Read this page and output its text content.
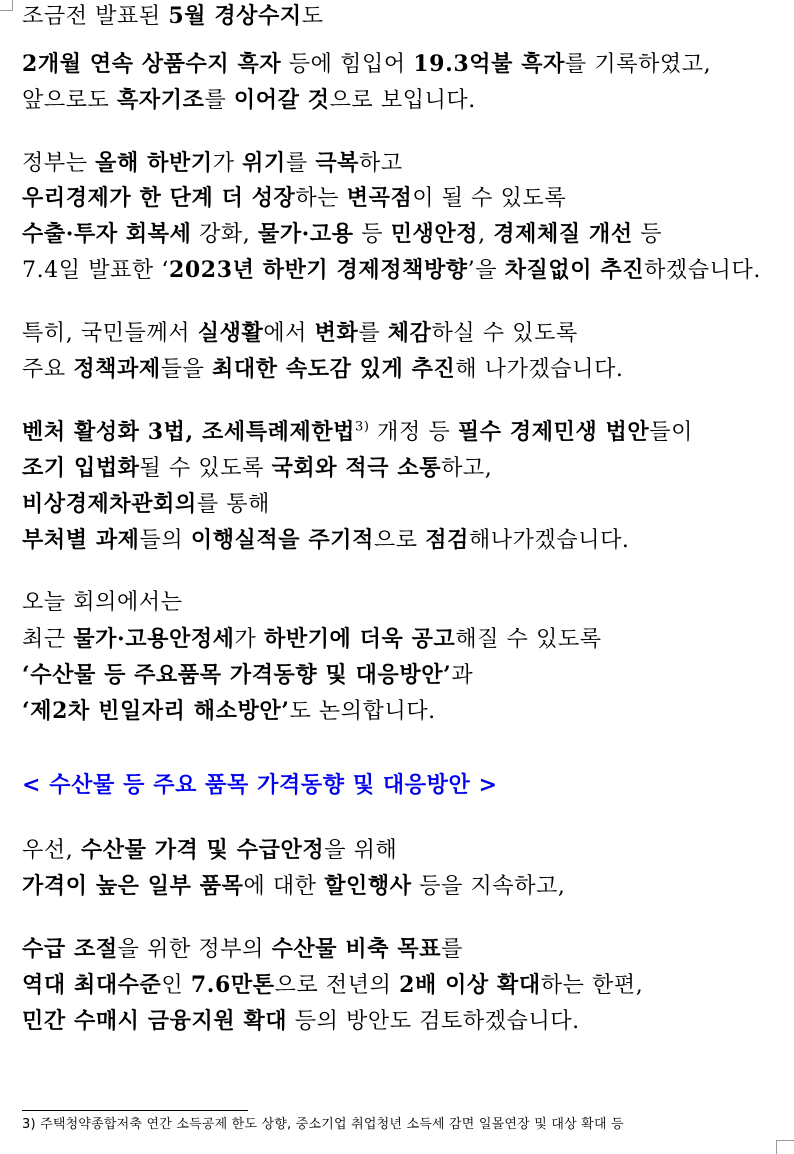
조금전 발표된 5월 경상수지도
2개월 연속 상품수지 흑자 등에 힘입어 19.3억불 흑자를 기록하였고,
앞으로도 흑자기조를 이어갈 것으로 보입니다.
정부는 올해 하반기가 위기를 극복하고
우리경제가 한 단계 더 성장하는 변곡점이 될 수 있도록
수출·투자 회복세 강화, 물가·고용 등 민생안정, 경제체질 개선 등
7.4일 발표한 ‘2023년 하반기 경제정책방향’을 차질없이 추진하겠습니다.
특히, 국민들께서 실생활에서 변화를 체감하실 수 있도록
주요 정책과제들을 최대한 속도감 있게 추진해 나가겠습니다.
벤처 활성화 3법, 조세특례제한법$^{3)}$ 개정 등 필수 경제민생 법안들이
조기 입법화될 수 있도록 국회와 적극 소통하고,
비상경제차관회의를 통해
부처별 과제들의 이행실적을 주기적으로 점검해나가겠습니다.
오늘 회의에서는
최근 물가·고용안정세가 하반기에 더욱 공고해질 수 있도록
‘수산물 등 주요품목 가격동향 및 대응방안’과
‘제2차 빈일자리 해소방안’도 논의합니다.
< 수산물 등 주요 품목 가격동향 및 대응방안 >
우선, 수산물 가격 및 수급안정을 위해
가격이 높은 일부 품목에 대한 할인행사 등을 지속하고,
수급 조절을 위한 정부의 수산물 비축 목표를
역대 최대수준인 7.6만톤으로 전년의 2배 이상 확대하는 한편,
민간 수매시 금융지원 확대 등의 방안도 검토하겠습니다.
3) 주택청약종합저축 연간 소득공제 한도 상향, 중소기업 취업청년 소득세 감면 일몰연장 및 대상 확대 등
